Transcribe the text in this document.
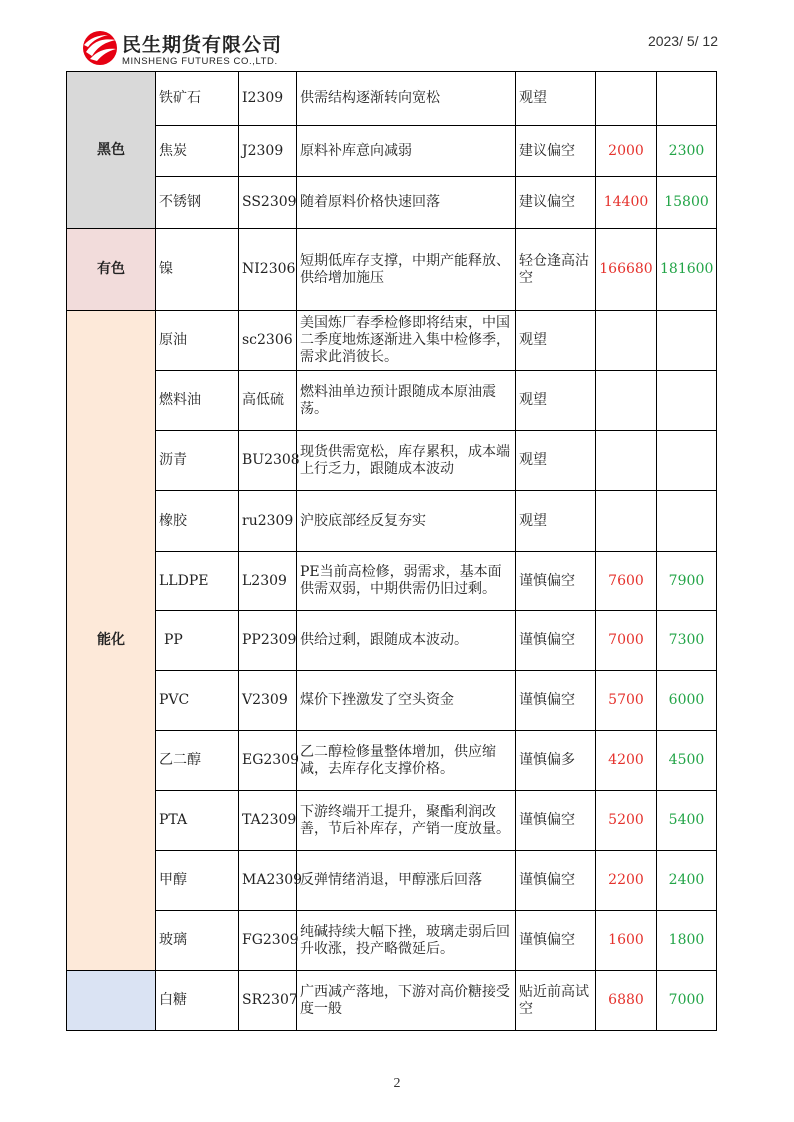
民生期货有限公司
MINSHENG FUTURES CO.,LTD.
2023/ 5/ 12
黑色	铁矿石	I2309	供需结构逐渐转向宽松	观望		
	焦炭	J2309	原料补库意向减弱	建议偏空	2000	2300
	不锈钢	SS2309	随着原料价格快速回落	建议偏空	14400	15800
有色	镍	NI2306	短期低库存支撑，中期产能释放、供给增加施压	轻仓逢高沽空	166680	181600
能化	原油	sc2306	美国炼厂春季检修即将结束，中国二季度地炼逐渐进入集中检修季，需求此消彼长。	观望		
	燃料油	高低硫	燃料油单边预计跟随成本原油震荡。	观望		
	沥青	BU2308	现货供需宽松，库存累积，成本端上行乏力，跟随成本波动	观望		
	橡胶	ru2309	沪胶底部经反复夯实	观望		
	LLDPE	L2309	PE当前高检修，弱需求，基本面供需双弱，中期供需仍旧过剩。	谨慎偏空	7600	7900
	PP	PP2309	供给过剩，跟随成本波动。	谨慎偏空	7000	7300
	PVC	V2309	煤价下挫激发了空头资金	谨慎偏空	5700	6000
	乙二醇	EG2309	乙二醇检修量整体增加，供应缩减，去库存化支撑价格。	谨慎偏多	4200	4500
	PTA	TA2309	下游终端开工提升，聚酯利润改善，节后补库存，产销一度放量。	谨慎偏空	5200	5400
	甲醇	MA2309	反弹情绪消退，甲醇涨后回落	谨慎偏空	2200	2400
	玻璃	FG2309	纯碱持续大幅下挫，玻璃走弱后回升收涨，投产略微延后。	谨慎偏空	1600	1800
	白糖	SR2307	广西减产落地，下游对高价糖接受度一般	贴近前高试空	6880	7000
2
